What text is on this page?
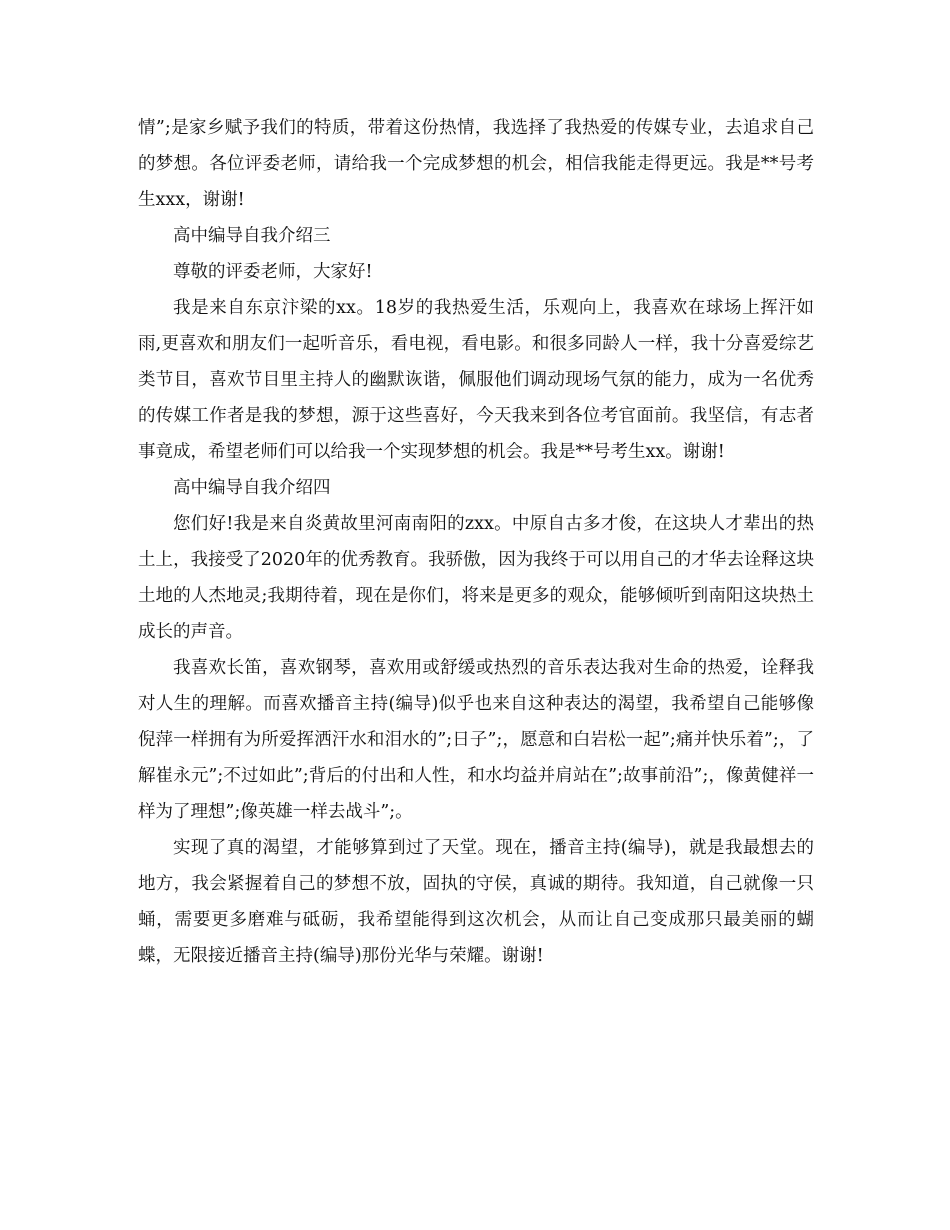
情”;是家乡赋予我们的特质，带着这份热情，我选择了我热爱的传媒专业，去追求自己的梦想。各位评委老师，请给我一个完成梦想的机会，相信我能走得更远。我是**号考生xxx，谢谢!

高中编导自我介绍三

尊敬的评委老师，大家好!

我是来自东京汴梁的xx。18岁的我热爱生活，乐观向上，我喜欢在球场上挥汗如雨,更喜欢和朋友们一起听音乐，看电视，看电影。和很多同龄人一样，我十分喜爱综艺类节目，喜欢节目里主持人的幽默诙谐，佩服他们调动现场气氛的能力，成为一名优秀的传媒工作者是我的梦想，源于这些喜好，今天我来到各位考官面前。我坚信，有志者事竟成，希望老师们可以给我一个实现梦想的机会。我是**号考生xx。谢谢!

高中编导自我介绍四

您们好!我是来自炎黄故里河南南阳的zxx。中原自古多才俊，在这块人才辈出的热土上，我接受了2020年的优秀教育。我骄傲，因为我终于可以用自己的才华去诠释这块土地的人杰地灵;我期待着，现在是你们，将来是更多的观众，能够倾听到南阳这块热土成长的声音。

我喜欢长笛，喜欢钢琴，喜欢用或舒缓或热烈的音乐表达我对生命的热爱，诠释我对人生的理解。而喜欢播音主持(编导)似乎也来自这种表达的渴望，我希望自己能够像倪萍一样拥有为所爱挥洒汗水和泪水的”;日子”;，愿意和白岩松一起”;痛并快乐着”;，了解崔永元”;不过如此”;背后的付出和人性，和水均益并肩站在”;故事前沿”;，像黄健祥一样为了理想”;像英雄一样去战斗”;。

实现了真的渴望，才能够算到过了天堂。现在，播音主持(编导)，就是我最想去的地方，我会紧握着自己的梦想不放，固执的守侯，真诚的期待。我知道，自己就像一只蛹，需要更多磨难与砥砺，我希望能得到这次机会，从而让自己变成那只最美丽的蝴蝶，无限接近播音主持(编导)那份光华与荣耀。谢谢!
